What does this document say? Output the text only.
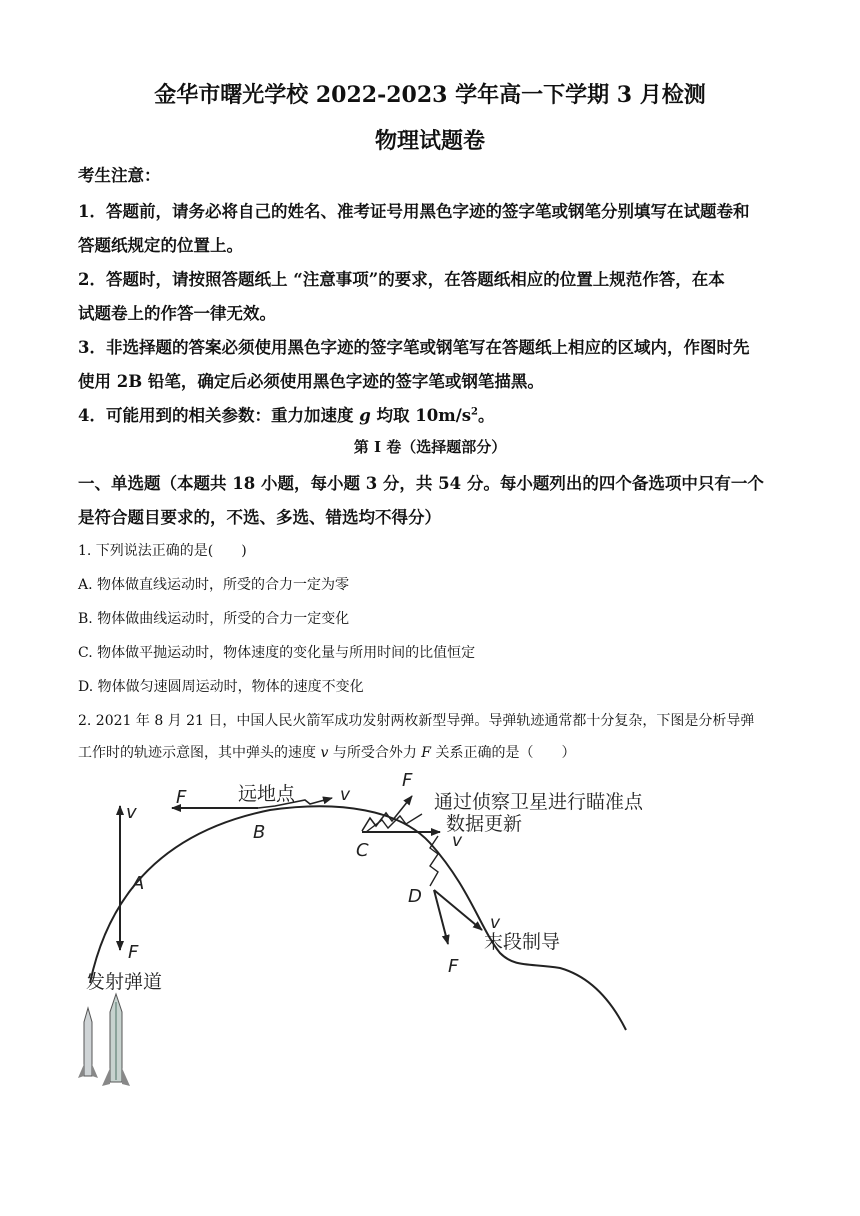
金华市曙光学校 2022-2023 学年高一下学期 3 月检测
物理试题卷
考生注意：
1．答题前，请务必将自己的姓名、准考证号用黑色字迹的签字笔或钢笔分别填写在试题卷和
答题纸规定的位置上。
2．答题时，请按照答题纸上 “注意事项”的要求，在答题纸相应的位置上规范作答，在本
试题卷上的作答一律无效。
3．非选择题的答案必须使用黑色字迹的签字笔或钢笔写在答题纸上相应的区域内，作图时先
使用 2B 铅笔，确定后必须使用黑色字迹的签字笔或钢笔描黑。
4．可能用到的相关参数：重力加速度 g 均取 $10m/s^2$。
第 I 卷（选择题部分）
一、单选题（本题共 18 小题，每小题 3 分，共 54 分。每小题列出的四个备选项中只有一个
是符合题目要求的，不选、多选、错选均不得分）
1. 下列说法正确的是(　　)
A. 物体做直线运动时，所受的合力一定为零
B. 物体做曲线运动时，所受的合力一定变化
C. 物体做平抛运动时，物体速度的变化量与所用时间的比值恒定
D. 物体做匀速圆周运动时，物体的速度不变化
2. 2021 年 8 月 21 日，中国人民火箭军成功发射两枚新型导弹。导弹轨迹通常都十分复杂，下图是分析导弹
工作时的轨迹示意图，其中弹头的速度 v 与所受合外力 F 关系正确的是（　　）
v
F
A
F	远地点	v
B
F
v
C
通过侦察卫星进行瞄准点
数据更新
F
v
D
末段制导
发射弹道
